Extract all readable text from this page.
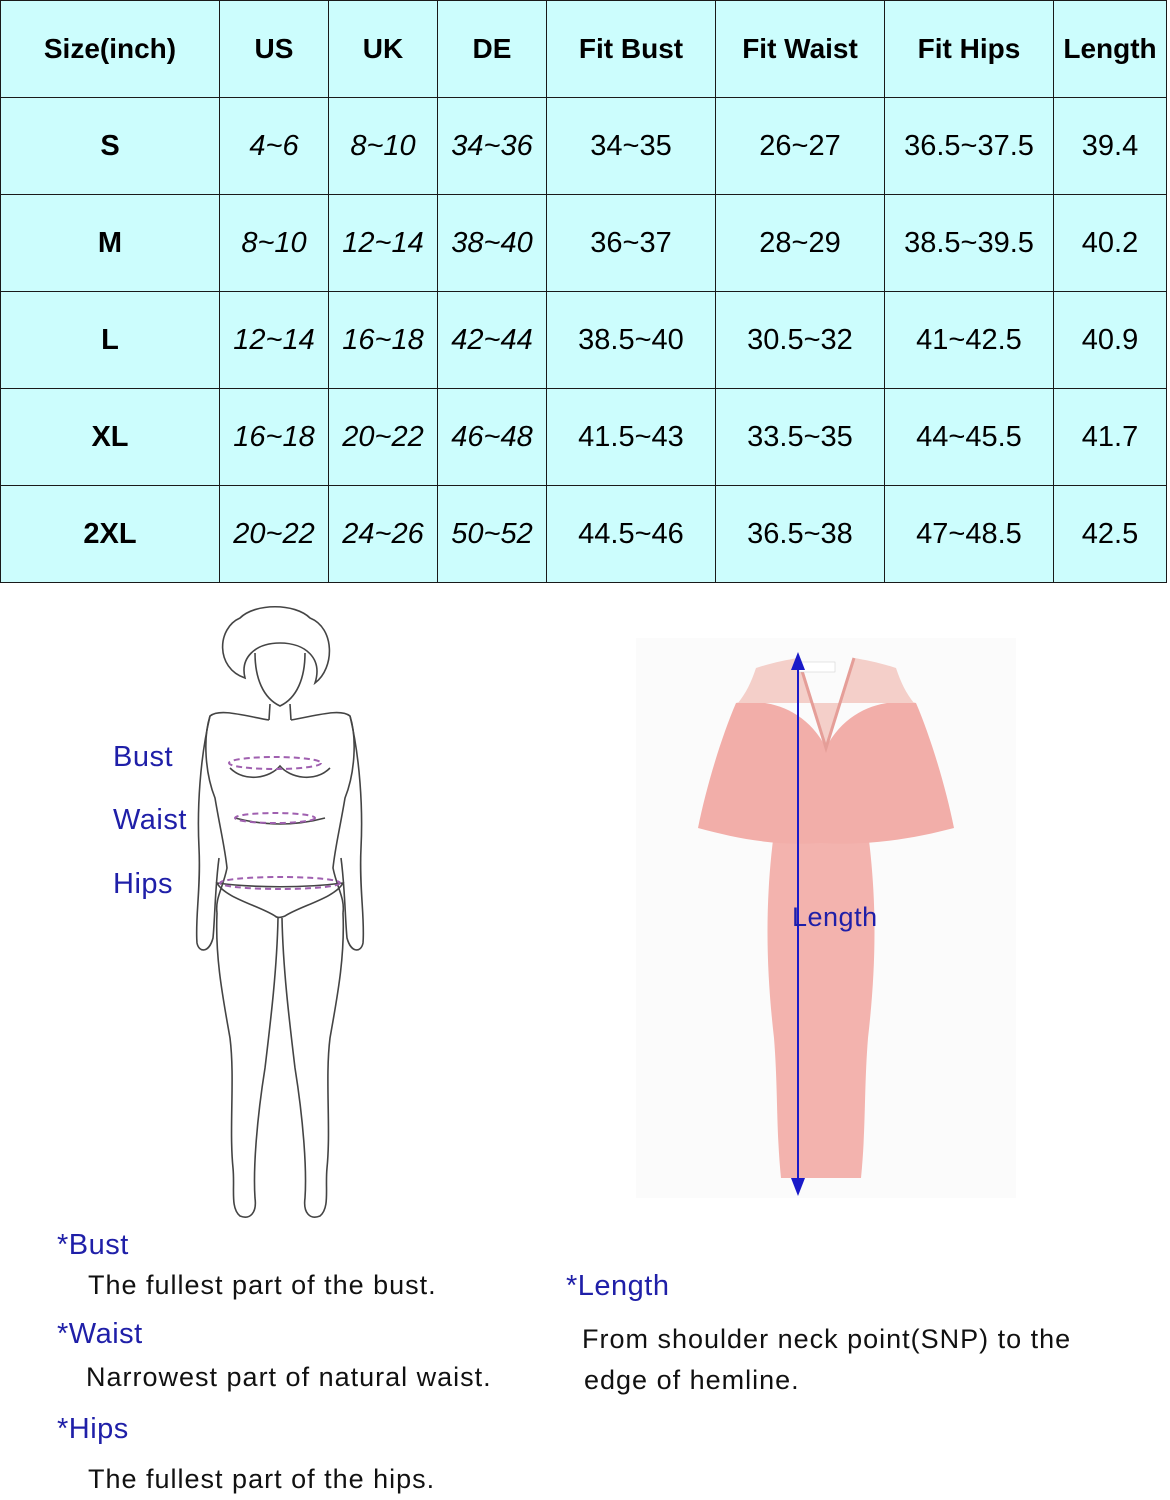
Size(inch)	US	UK	DE	Fit Bust	Fit Waist	Fit Hips	Length
S	4~6	8~10	34~36	34~35	26~27	36.5~37.5	39.4
M	8~10	12~14	38~40	36~37	28~29	38.5~39.5	40.2
L	12~14	16~18	42~44	38.5~40	30.5~32	41~42.5	40.9
XL	16~18	20~22	46~48	41.5~43	33.5~35	44~45.5	41.7
2XL	20~22	24~26	50~52	44.5~46	36.5~38	47~48.5	42.5
Bust
Waist
Hips
Length
*Bust
The fullest part of the bust.
*Waist
Narrowest part of natural waist.
*Hips
The fullest part of the hips.
*Length
From shoulder neck point(SNP) to the
edge of hemline.
